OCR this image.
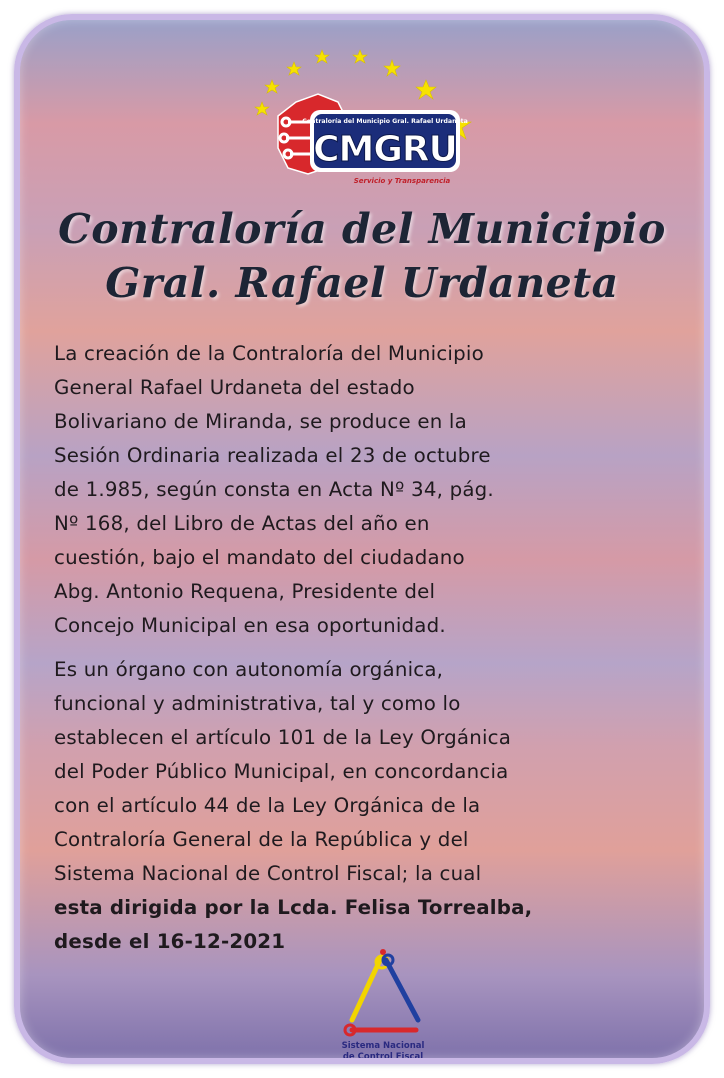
Contraloría del Municipio Gral. Rafael Urdaneta
CMGRU
Servicio y Transparencia
Contraloría del Municipio
Gral. Rafael Urdaneta
La creación de la Contraloría del Municipio
General Rafael Urdaneta del estado
Bolivariano de Miranda, se produce en la
Sesión Ordinaria realizada el 23 de octubre
de 1.985, según consta en Acta Nº 34, pág.
Nº 168, del Libro de Actas del año en
cuestión, bajo el mandato del ciudadano
Abg. Antonio Requena, Presidente del
Concejo Municipal en esa oportunidad.
Es un órgano con autonomía orgánica,
funcional y administrativa, tal y como lo
establecen el artículo 101 de la Ley Orgánica
del Poder Público Municipal, en concordancia
con el artículo 44 de la Ley Orgánica de la
Contraloría General de la República y del
Sistema Nacional de Control Fiscal; la cual
esta dirigida por la Lcda. Felisa Torrealba,
desde el 16-12-2021
Sistema Nacional
de Control Fiscal
